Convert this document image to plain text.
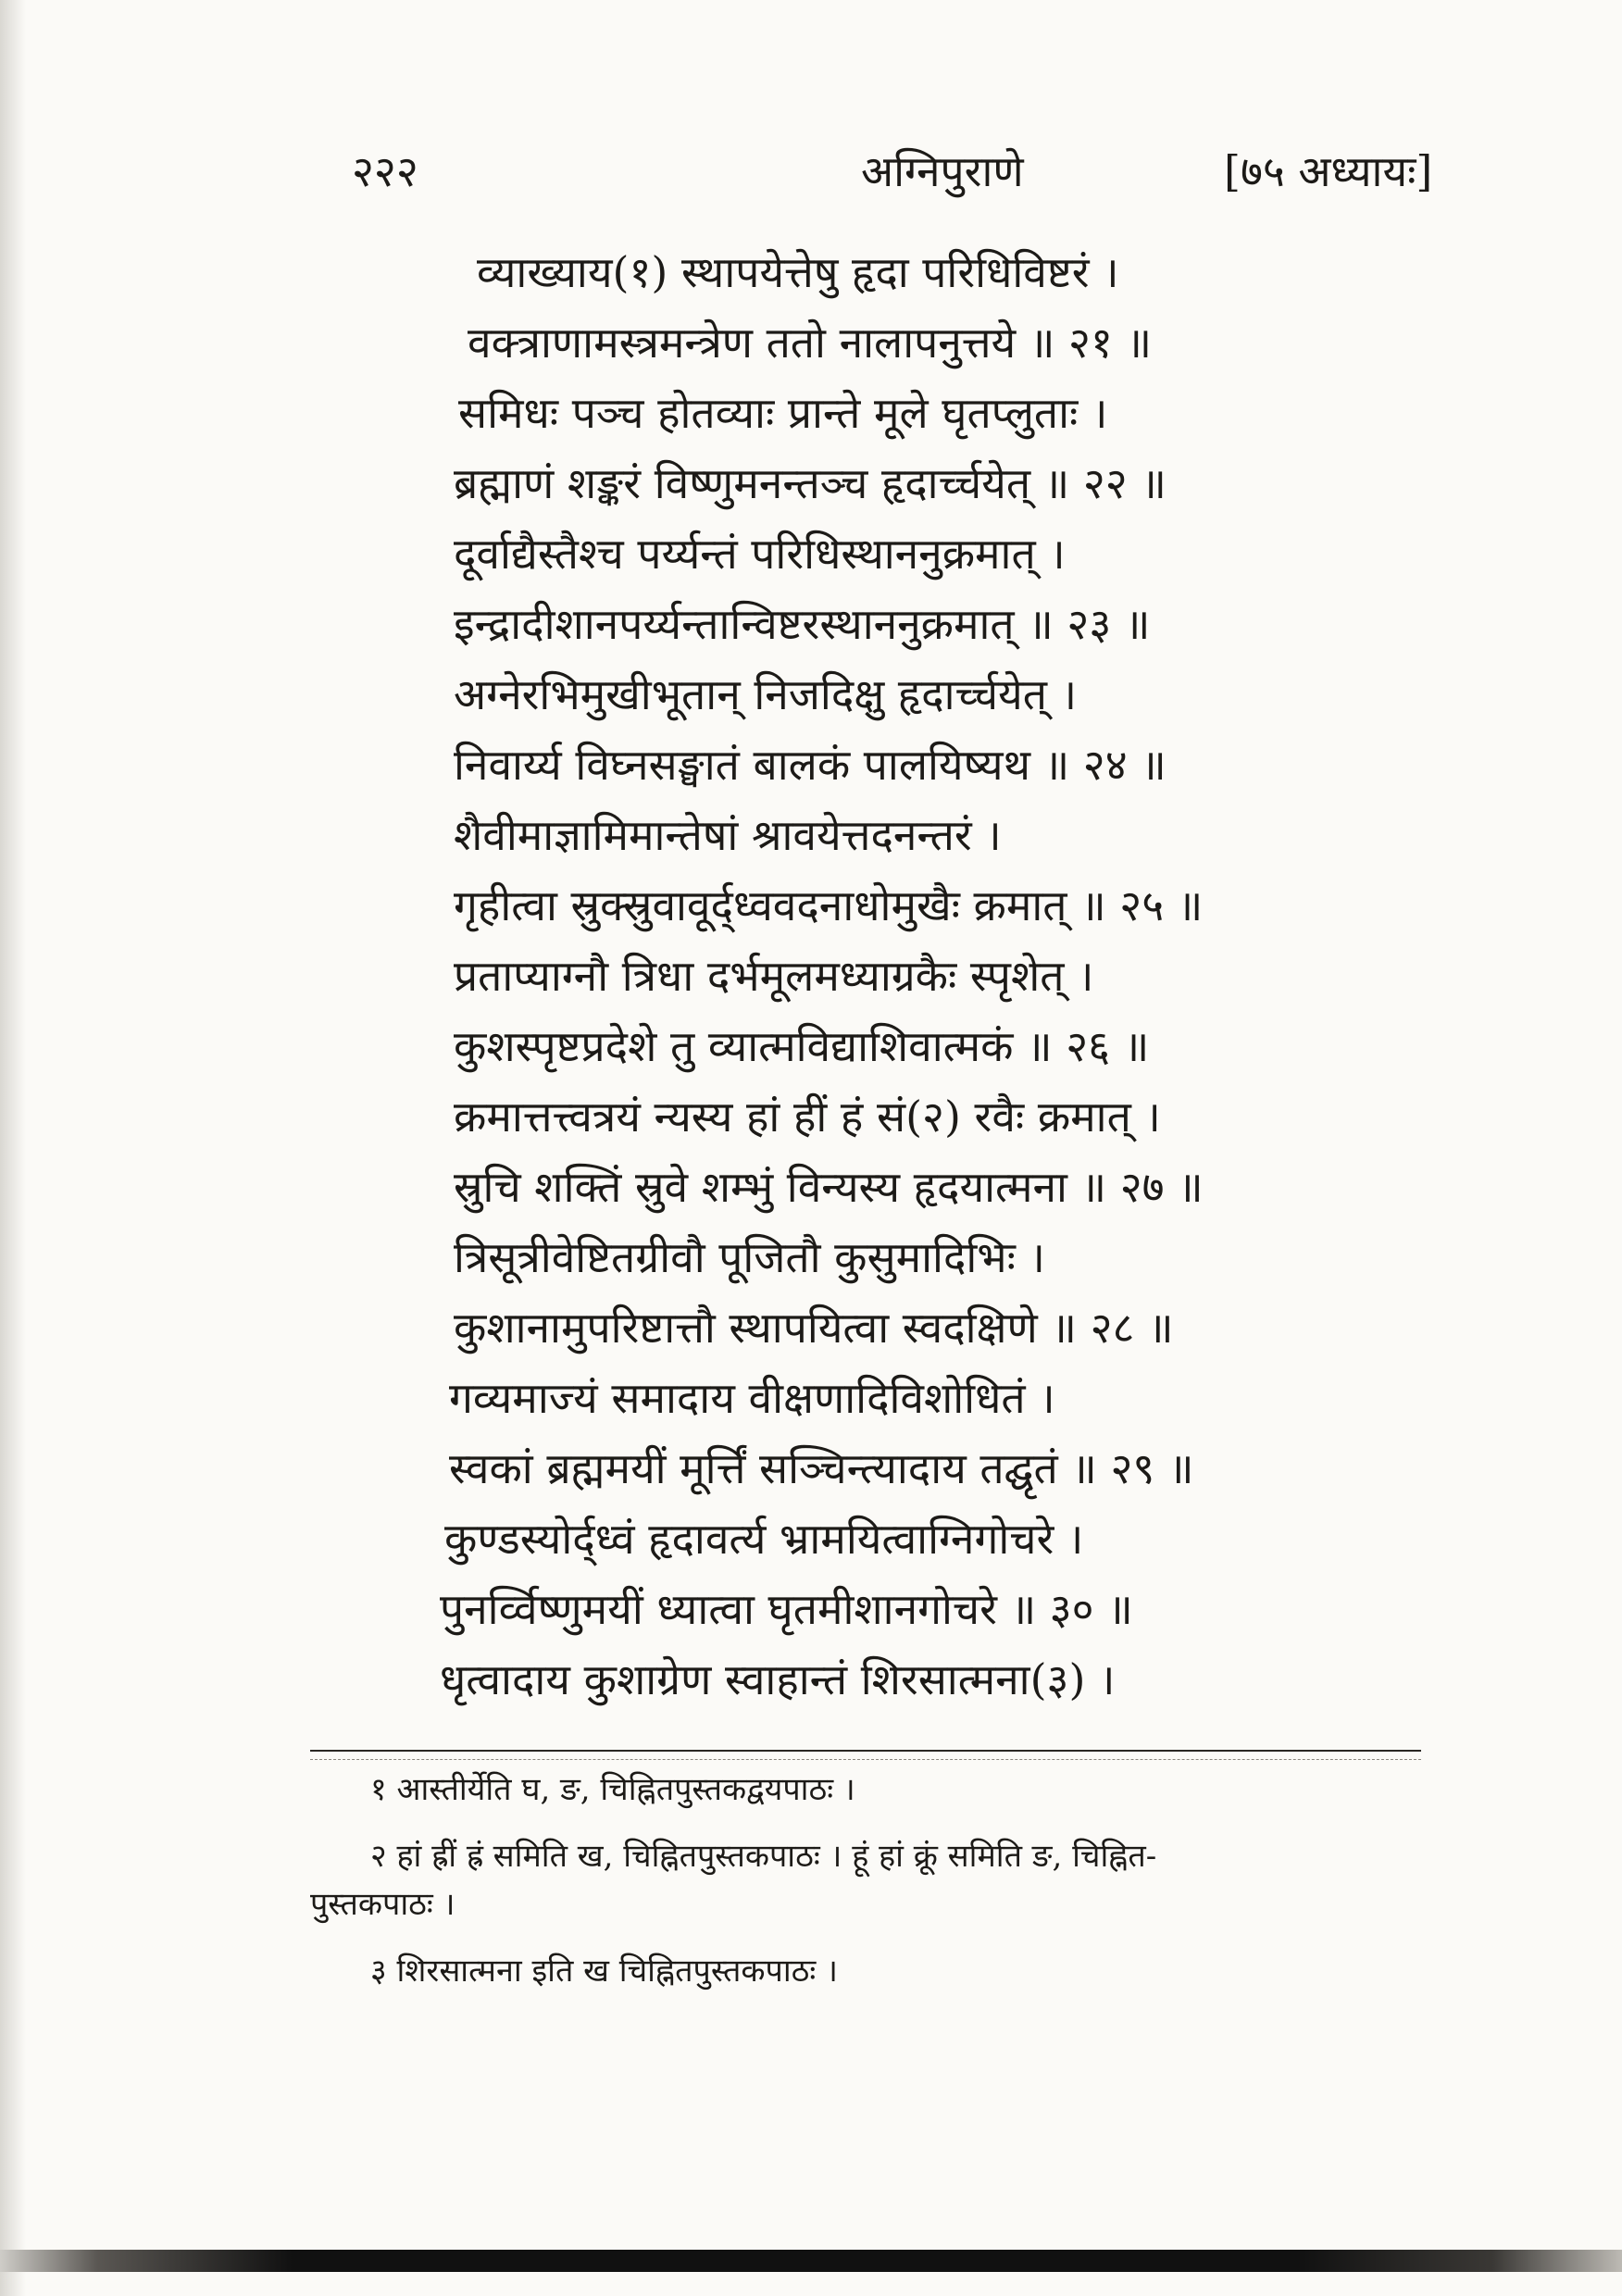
२२२	अग्निपुराणे	[७५ अध्यायः]
व्याख्याय(१) स्थापयेत्तेषु हृदा परिधिविष्टरं ।
वक्त्राणामस्त्रमन्त्रेण ततो नालापनुत्तये ॥ २१ ॥
समिधः पञ्च होतव्याः प्रान्ते मूले घृतप्लुताः ।
ब्रह्माणं शङ्करं विष्णुमनन्तञ्च हृदार्च्चयेत् ॥ २२ ॥
दूर्वाद्यैस्तैश्च पर्य्यन्तं परिधिस्थाननुक्रमात् ।
इन्द्रादीशानपर्य्यन्तान्विष्टरस्थाननुक्रमात् ॥ २३ ॥
अग्नेरभिमुखीभूतान् निजदिक्षु हृदार्च्चयेत् ।
निवार्य्य विघ्नसङ्घातं बालकं पालयिष्यथ ॥ २४ ॥
शैवीमाज्ञामिमान्तेषां श्रावयेत्तदनन्तरं ।
गृहीत्वा स्रुक्स्रुवावूर्द्ध्ववदनाधोमुखैः क्रमात् ॥ २५ ॥
प्रताप्याग्नौ त्रिधा दर्भमूलमध्याग्रकैः स्पृशेत् ।
कुशस्पृष्टप्रदेशे तु व्यात्मविद्याशिवात्मकं ॥ २६ ॥
क्रमात्तत्त्वत्रयं न्यस्य हां हीं हं सं(२) रवैः क्रमात् ।
स्रुचि शक्तिं स्रुवे शम्भुं विन्यस्य हृदयात्मना ॥ २७ ॥
त्रिसूत्रीवेष्टितग्रीवौ पूजितौ कुसुमादिभिः ।
कुशानामुपरिष्टात्तौ स्थापयित्वा स्वदक्षिणे ॥ २८ ॥
गव्यमाज्यं समादाय वीक्षणादिविशोधितं ।
स्वकां ब्रह्ममयीं मूर्त्तिं सञ्चिन्त्यादाय तद्घृतं ॥ २९ ॥
कुण्डस्योर्द्ध्वं हृदावर्त्य भ्रामयित्वाग्निगोचरे ।
पुनर्व्विष्णुमयीं ध्यात्वा घृतमीशानगोचरे ॥ ३० ॥
धृत्वादाय कुशाग्रेण स्वाहान्तं शिरसात्मना(३) ।
१ आस्तीर्येति घ, ङ, चिह्नितपुस्तकद्वयपाठः ।
२ हां ह्रीं ह्रं समिति ख, चिह्नितपुस्तकपाठः । हूं हां क्रूं समिति ङ, चिह्नित-
पुस्तकपाठः ।
३ शिरसात्मना इति ख चिह्नितपुस्तकपाठः ।
